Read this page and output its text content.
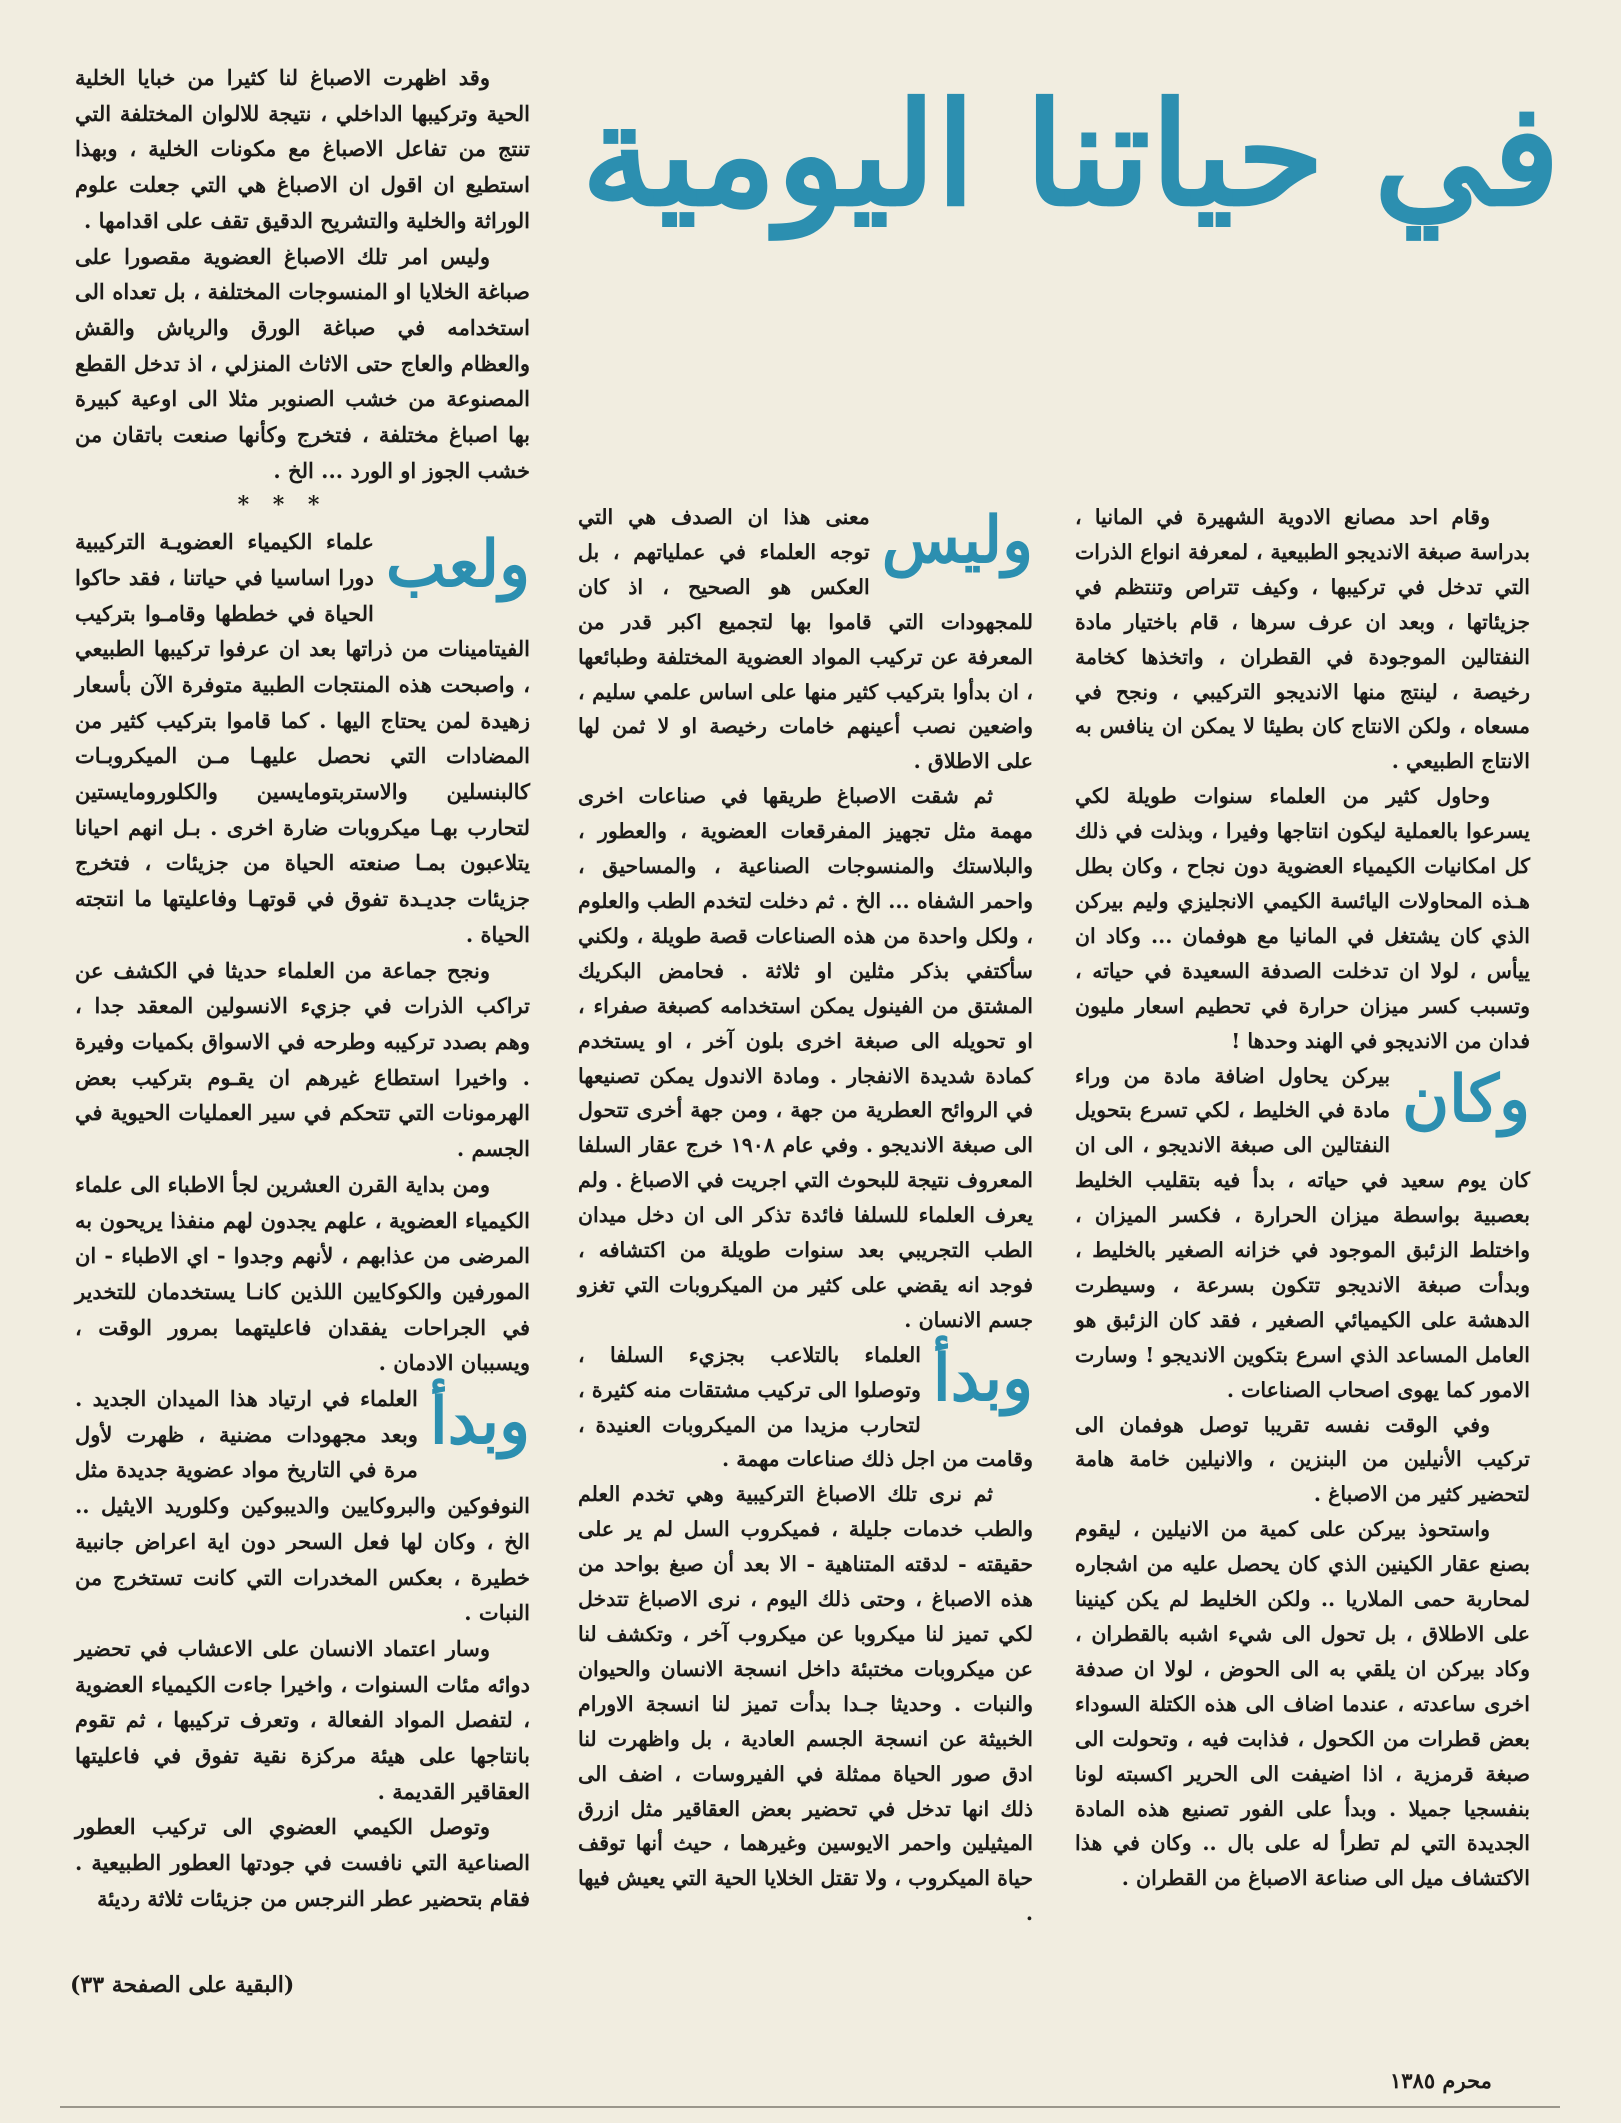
في حياتنا اليومية

وقام احد مصانع الادوية الشهيرة في المانيا ، بدراسة صبغة الانديجو الطبيعية ، لمعرفة انواع الذرات التي تدخل في تركيبها ، وكيف تتراص وتنتظم في جزيئاتها ، وبعد ان عرف سرها ، قام باختيار مادة النفتالين الموجودة في القطران ، واتخذها كخامة رخيصة ، لينتج منها الانديجو التركيبي ، ونجح في مسعاه ، ولكن الانتاج كان بطيئا لا يمكن ان ينافس به الانتاج الطبيعي .

وحاول كثير من العلماء سنوات طويلة لكي يسرعوا بالعملية ليكون انتاجها وفيرا ، وبذلت في ذلك كل امكانيات الكيمياء العضوية دون نجاح ، وكان بطل هـذه المحاولات اليائسة الكيمي الانجليزي وليم بيركن الذي كان يشتغل في المانيا مع هوفمان ... وكاد ان ييأس ، لولا ان تدخلت الصدفة السعيدة في حياته ، وتسبب كسر ميزان حرارة في تحطيم اسعار مليون فدان من الانديجو في الهند وحدها !

وكان
بيركن يحاول اضافة مادة من وراء مادة في الخليط ، لكي تسرع بتحويل النفتالين الى صبغة الانديجو ، الى ان كان يوم سعيد في حياته ، بدأ فيه بتقليب الخليط بعصبية بواسطة ميزان الحرارة ، فكسر الميزان ، واختلط الزئبق الموجود في خزانه الصغير بالخليط ، وبدأت صبغة الانديجو تتكون بسرعة ، وسيطرت الدهشة على الكيميائي الصغير ، فقد كان الزئبق هو العامل المساعد الذي اسرع بتكوين الانديجو ! وسارت الامور كما يهوى اصحاب الصناعات .

وفي الوقت نفسه تقريبا توصل هوفمان الى تركيب الأنيلين من البنزين ، والانيلين خامة هامة لتحضير كثير من الاصباغ .

واستحوذ بيركن على كمية من الانيلين ، ليقوم بصنع عقار الكينين الذي كان يحصل عليه من اشجاره لمحاربة حمى الملاريا .. ولكن الخليط لم يكن كينينا على الاطلاق ، بل تحول الى شيء اشبه بالقطران ، وكاد بيركن ان يلقي به الى الحوض ، لولا ان صدفة اخرى ساعدته ، عندما اضاف الى هذه الكتلة السوداء بعض قطرات من الكحول ، فذابت فيه ، وتحولت الى صبغة قرمزية ، اذا اضيفت الى الحرير اكسبته لونا بنفسجيا جميلا . وبدأ على الفور تصنيع هذه المادة الجديدة التي لم تطرأ له على بال .. وكان في هذا الاكتشاف ميل الى صناعة الاصباغ من القطران .

وليس
معنى هذا ان الصدف هي التي توجه العلماء في عملياتهم ، بل العكس هو الصحيح ، اذ كان للمجهودات التي قاموا بها لتجميع اكبر قدر من المعرفة عن تركيب المواد العضوية المختلفة وطبائعها ، ان بدأوا بتركيب كثير منها على اساس علمي سليم ، واضعين نصب أعينهم خامات رخيصة او لا ثمن لها على الاطلاق .

ثم شقت الاصباغ طريقها في صناعات اخرى مهمة مثل تجهيز المفرقعات العضوية ، والعطور ، والبلاستك والمنسوجات الصناعية ، والمساحيق ، واحمر الشفاه ... الخ . ثم دخلت لتخدم الطب والعلوم ، ولكل واحدة من هذه الصناعات قصة طويلة ، ولكني سأكتفي بذكر مثلين او ثلاثة . فحامض البكريك المشتق من الفينول يمكن استخدامه كصبغة صفراء ، او تحويله الى صبغة اخرى بلون آخر ، او يستخدم كمادة شديدة الانفجار . ومادة الاندول يمكن تصنيعها في الروائح العطرية من جهة ، ومن جهة أخرى تتحول الى صبغة الانديجو . وفي عام ١٩٠٨ خرج عقار السلفا المعروف نتيجة للبحوث التي اجريت في الاصباغ . ولم يعرف العلماء للسلفا فائدة تذكر الى ان دخل ميدان الطب التجريبي بعد سنوات طويلة من اكتشافه ، فوجد انه يقضي على كثير من الميكروبات التي تغزو جسم الانسان .

وبدأ
العلماء بالتلاعب بجزيء السلفا ، وتوصلوا الى تركيب مشتقات منه كثيرة ، لتحارب مزيدا من الميكروبات العنيدة ، وقامت من اجل ذلك صناعات مهمة .

ثم نرى تلك الاصباغ التركيبية وهي تخدم العلم والطب خدمات جليلة ، فميكروب السل لم ير على حقيقته - لدقته المتناهية - الا بعد أن صبغ بواحد من هذه الاصباغ ، وحتى ذلك اليوم ، نرى الاصباغ تتدخل لكي تميز لنا ميكروبا عن ميكروب آخر ، وتكشف لنا عن ميكروبات مختبئة داخل انسجة الانسان والحيوان والنبات . وحديثا جـدا بدأت تميز لنا انسجة الاورام الخبيثة عن انسجة الجسم العادية ، بل واظهرت لنا ادق صور الحياة ممثلة في الفيروسات ، اضف الى ذلك انها تدخل في تحضير بعض العقاقير مثل ازرق الميثيلين واحمر الايوسين وغيرهما ، حيث أنها توقف حياة الميكروب ، ولا تقتل الخلايا الحية التي يعيش فيها .

وقد اظهرت الاصباغ لنا كثيرا من خبايا الخلية الحية وتركيبها الداخلي ، نتيجة للالوان المختلفة التي تنتج من تفاعل الاصباغ مع مكونات الخلية ، وبهذا استطيع ان اقول ان الاصباغ هي التي جعلت علوم الوراثة والخلية والتشريح الدقيق تقف على اقدامها .

وليس امر تلك الاصباغ العضوية مقصورا على صباغة الخلايا او المنسوجات المختلفة ، بل تعداه الى استخدامه في صباغة الورق والرياش والقش والعظام والعاج حتى الاثاث المنزلي ، اذ تدخل القطع المصنوعة من خشب الصنوبر مثلا الى اوعية كبيرة بها اصباغ مختلفة ، فتخرج وكأنها صنعت باتقان من خشب الجوز او الورد ... الخ .

* * *

ولعب
علماء الكيمياء العضويـة التركيبية دورا اساسيا في حياتنا ، فقد حاكوا الحياة في خططها وقامـوا بتركيب الفيتامينات من ذراتها بعد ان عرفوا تركيبها الطبيعي ، واصبحت هذه المنتجات الطبية متوفرة الآن بأسعار زهيدة لمن يحتاج اليها . كما قاموا بتركيب كثير من المضادات التي نحصل عليهـا مـن الميكروبـات كالبنسلين والاستربتومايسين والكلورومايستين لتحارب بهـا ميكروبات ضارة اخرى . بـل انهم احيانا يتلاعبون بمـا صنعته الحياة من جزيئات ، فتخرج جزيئات جديـدة تفوق في قوتهـا وفاعليتها ما انتجته الحياة .

ونجح جماعة من العلماء حديثا في الكشف عن تراكب الذرات في جزيء الانسولين المعقد جدا ، وهم بصدد تركيبه وطرحه في الاسواق بكميات وفيرة . واخيرا استطاع غيرهم ان يقـوم بتركيب بعض الهرمونات التي تتحكم في سير العمليات الحيوية في الجسم .

ومن بداية القرن العشرين لجأ الاطباء الى علماء الكيمياء العضوية ، علهم يجدون لهم منفذا يريحون به المرضى من عذابهم ، لأنهم وجدوا - اي الاطباء - ان المورفين والكوكايين اللذين كانـا يستخدمان للتخدير في الجراحات يفقدان فاعليتهما بمرور الوقت ، ويسببان الادمان .

وبدأ
العلماء في ارتياد هذا الميدان الجديد . وبعد مجهودات مضنية ، ظهرت لأول مرة في التاريخ مواد عضوية جديدة مثل النوفوكين والبروكايين والديبوكين وكلوريد الايثيل .. الخ ، وكان لها فعل السحر دون اية اعراض جانبية خطيرة ، بعكس المخدرات التي كانت تستخرج من النبات .

وسار اعتماد الانسان على الاعشاب في تحضير دوائه مئات السنوات ، واخيرا جاءت الكيمياء العضوية ، لتفصل المواد الفعالة ، وتعرف تركيبها ، ثم تقوم بانتاجها على هيئة مركزة نقية تفوق في فاعليتها العقاقير القديمة .

وتوصل الكيمي العضوي الى تركيب العطور الصناعية التي نافست في جودتها العطور الطبيعية . فقام بتحضير عطر النرجس من جزيئات ثلاثة رديئة

(البقية على الصفحة ٣٣)
محرم ١٣٨٥
